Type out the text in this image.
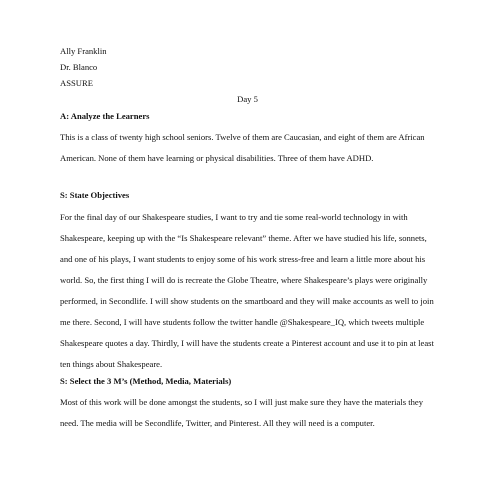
Ally Franklin
Dr. Blanco
ASSURE
Day 5
A: Analyze the Learners

This is a class of twenty high school seniors. Twelve of them are Caucasian, and eight of them are African American. None of them have learning or physical disabilities. Three of them have ADHD.

S: State Objectives

For the final day of our Shakespeare studies, I want to try and tie some real-world technology in with Shakespeare, keeping up with the “Is Shakespeare relevant” theme. After we have studied his life, sonnets, and one of his plays, I want students to enjoy some of his work stress-free and learn a little more about his world. So, the first thing I will do is recreate the Globe Theatre, where Shakespeare’s plays were originally performed, in Secondlife. I will show students on the smartboard and they will make accounts as well to join me there. Second, I will have students follow the twitter handle @Shakespeare_IQ, which tweets multiple Shakespeare quotes a day. Thirdly, I will have the students create a Pinterest account and use it to pin at least ten things about Shakespeare.

S: Select the 3 M’s (Method, Media, Materials)

Most of this work will be done amongst the students, so I will just make sure they have the materials they need. The media will be Secondlife, Twitter, and Pinterest. All they will need is a computer.
